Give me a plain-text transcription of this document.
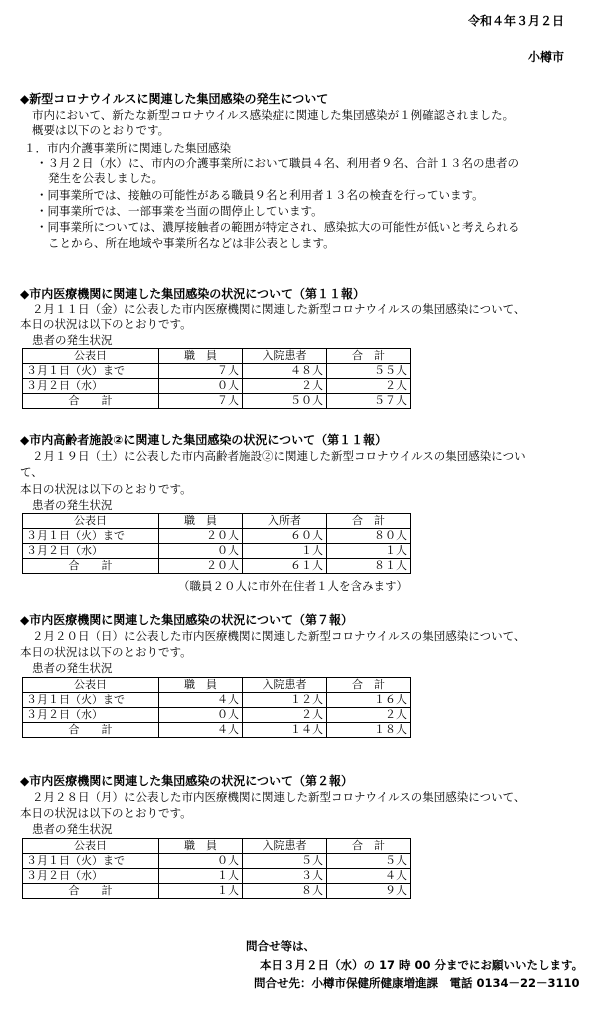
令和４年３月２日
小樽市
◆新型コロナウイルスに関連した集団感染の発生について
市内において、新たな新型コロナウイルス感染症に関連した集団感染が１例確認されました。
概要は以下のとおりです。
１．市内介護事業所に関連した集団感染
・３月２日（水）に、市内の介護事業所において職員４名、利用者９名、合計１３名の患者の
発生を公表しました。
・同事業所では、接触の可能性がある職員９名と利用者１３名の検査を行っています。
・同事業所では、一部事業を当面の間停止しています。
・同事業所については、濃厚接触者の範囲が特定され、感染拡大の可能性が低いと考えられる
ことから、所在地域や事業所名などは非公表とします。
◆市内医療機関に関連した集団感染の状況について（第１１報）
２月１１日（金）に公表した市内医療機関に関連した新型コロナウイルスの集団感染について、
本日の状況は以下のとおりです。
患者の発生状況
公表日	職　員	入院患者	合　計
３月１日（火）まで	７人	４８人	５５人
３月２日（水）	０人	２人	２人
合　　計	７人	５０人	５７人
◆市内高齢者施設②に関連した集団感染の状況について（第１１報）
２月１９日（土）に公表した市内高齢者施設②に関連した新型コロナウイルスの集団感染につい
て、
本日の状況は以下のとおりです。
患者の発生状況
公表日	職　員	入所者	合　計
３月１日（火）まで	２０人	６０人	８０人
３月２日（水）	０人	１人	１人
合　　計	２０人	６１人	８１人
（職員２０人に市外在住者１人を含みます）
◆市内医療機関に関連した集団感染の状況について（第７報）
２月２０日（日）に公表した市内医療機関に関連した新型コロナウイルスの集団感染について、
本日の状況は以下のとおりです。
患者の発生状況
公表日	職　員	入院患者	合　計
３月１日（火）まで	４人	１２人	１６人
３月２日（水）	０人	２人	２人
合　　計	４人	１４人	１８人
◆市内医療機関に関連した集団感染の状況について（第２報）
２月２８日（月）に公表した市内医療機関に関連した新型コロナウイルスの集団感染について、
本日の状況は以下のとおりです。
患者の発生状況
公表日	職　員	入院患者	合　計
３月１日（火）まで	０人	５人	５人
３月２日（水）	１人	３人	４人
合　　計	１人	８人	９人
問合せ等は、
本日３月２日（水）の 17 時 00 分までにお願いいたします。
問合せ先：小樽市保健所健康増進課　電話 0134－22－3110
